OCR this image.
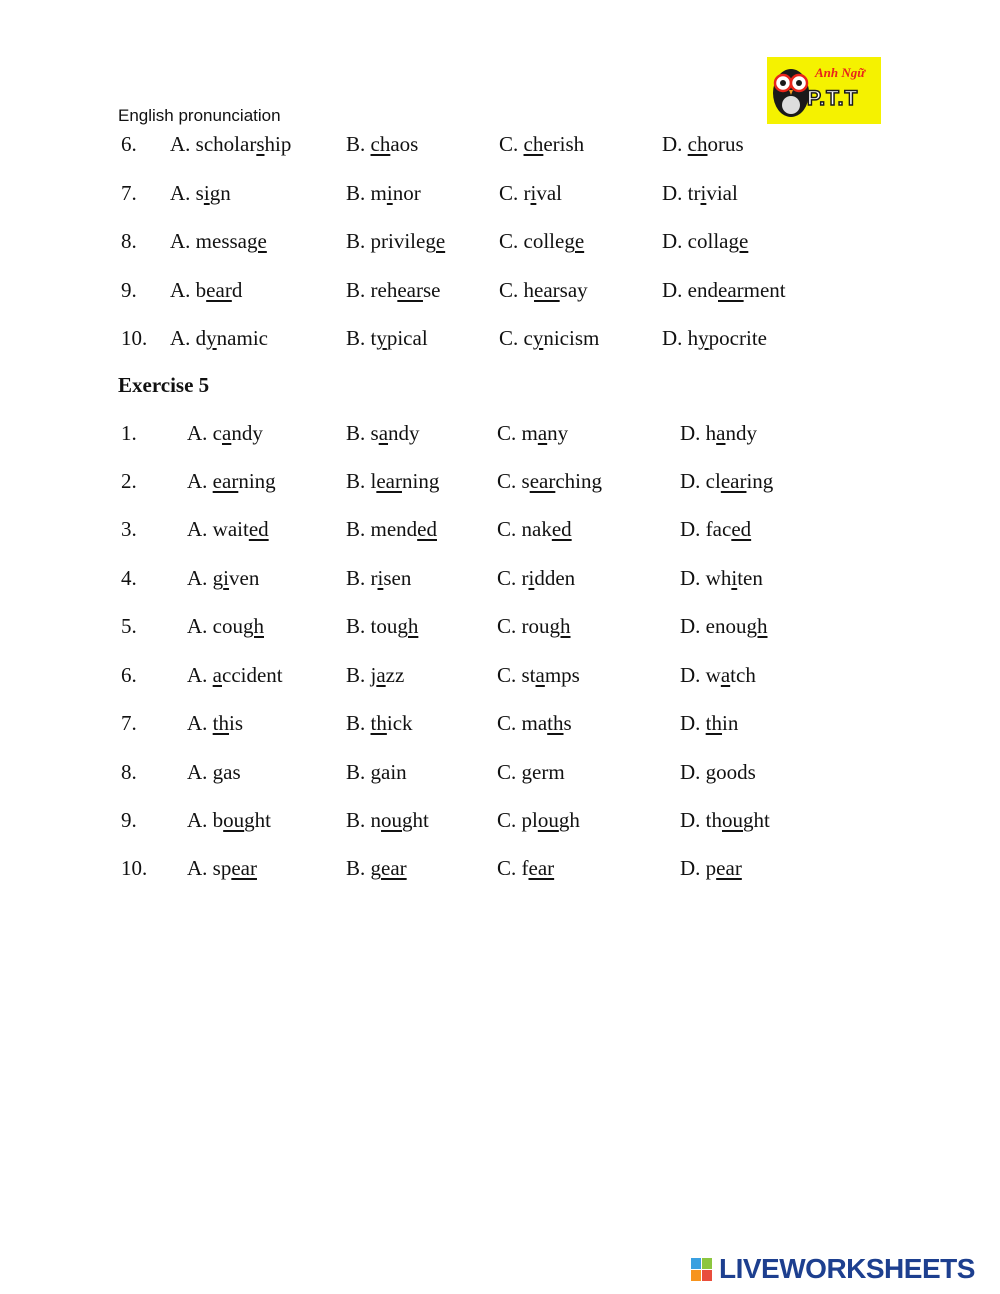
English pronunciation
Anh Ngữ
P.T.T
6. A. scholarship	B. chaos	C. cherish	D. chorus
7. A. sign	B. minor	C. rival	D. trivial
8. A. message	B. privilege	C. college	D. collage
9. A. beard	B. rehearse	C. hearsay	D. endearment
10. A. dynamic	B. typical	C. cynicism	D. hypocrite
Exercise 5
1. A. candy	B. sandy	C. many	D. handy
2. A. earning	B. learning	C. searching	D. clearing
3. A. waited	B. mended	C. naked	D. faced
4. A. given	B. risen	C. ridden	D. whiten
5. A. cough	B. tough	C. rough	D. enough
6. A. accident	B. jazz	C. stamps	D. watch
7. A. this	B. thick	C. maths	D. thin
8. A. gas	B. gain	C. germ	D. goods
9. A. bought	B. nought	C. plough	D. thought
10. A. spear	B. gear	C. fear	D. pear
LIVEWORKSHEETS
